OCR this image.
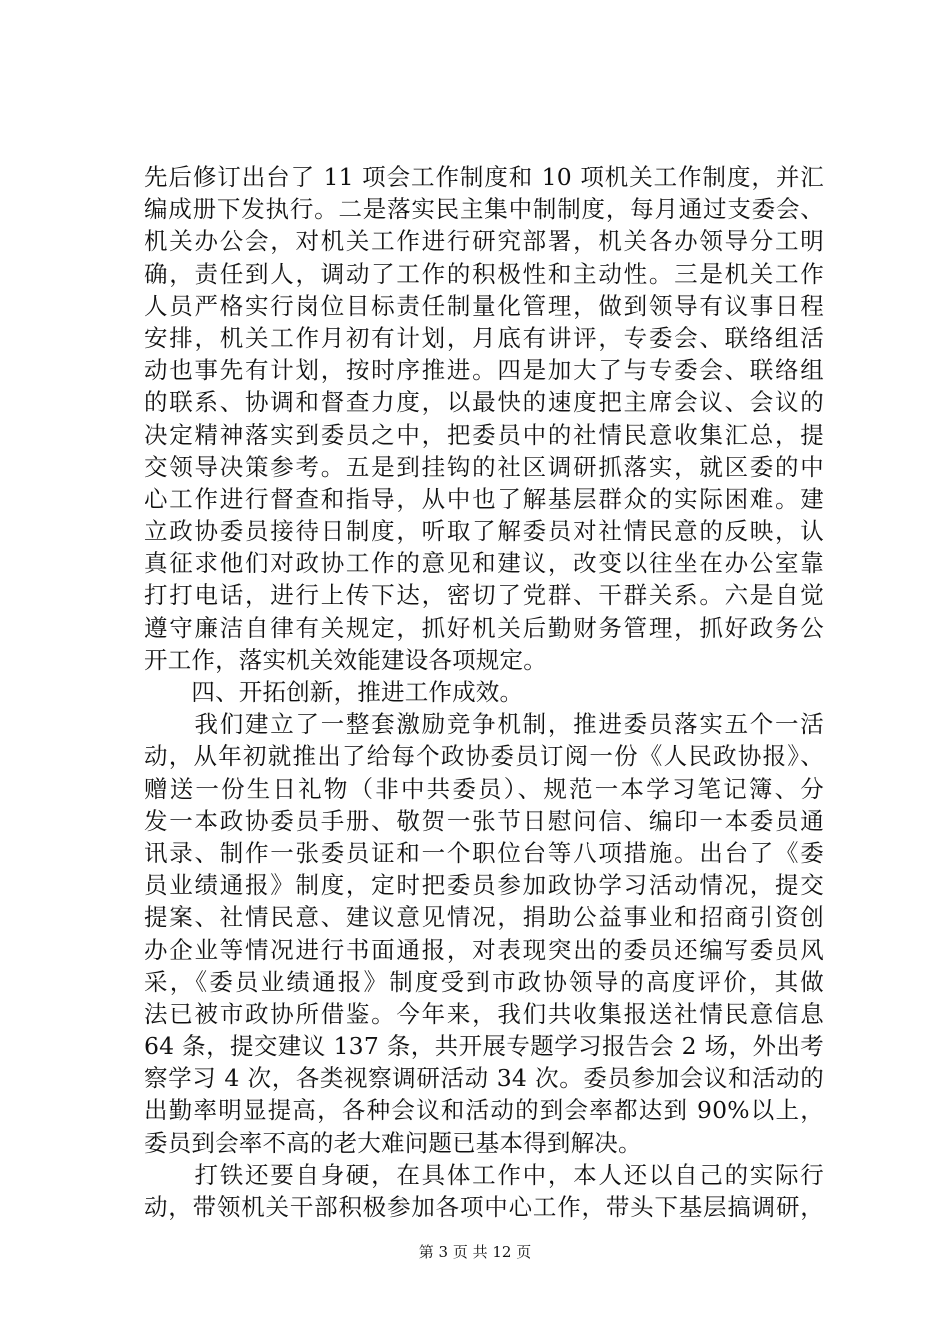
先后修订出台了 11 项会工作制度和 10 项机关工作制度，并汇
编成册下发执行。二是落实民主集中制制度，每月通过支委会、
机关办公会，对机关工作进行研究部署，机关各办领导分工明
确，责任到人，调动了工作的积极性和主动性。三是机关工作
人员严格实行岗位目标责任制量化管理，做到领导有议事日程
安排，机关工作月初有计划，月底有讲评，专委会、联络组活
动也事先有计划，按时序推进。四是加大了与专委会、联络组
的联系、协调和督查力度，以最快的速度把主席会议、会议的
决定精神落实到委员之中，把委员中的社情民意收集汇总，提
交领导决策参考。五是到挂钩的社区调研抓落实，就区委的中
心工作进行督查和指导，从中也了解基层群众的实际困难。建
立政协委员接待日制度，听取了解委员对社情民意的反映，认
真征求他们对政协工作的意见和建议，改变以往坐在办公室靠
打打电话，进行上传下达，密切了党群、干群关系。六是自觉
遵守廉洁自律有关规定，抓好机关后勤财务管理，抓好政务公
开工作，落实机关效能建设各项规定。
　　四、开拓创新，推进工作成效。
　　我们建立了一整套激励竞争机制，推进委员落实五个一活
动，从年初就推出了给每个政协委员订阅一份《人民政协报》、
赠送一份生日礼物（非中共委员）、规范一本学习笔记簿、分
发一本政协委员手册、敬贺一张节日慰问信、编印一本委员通
讯录、制作一张委员证和一个职位台等八项措施。出台了《委
员业绩通报》制度，定时把委员参加政协学习活动情况，提交
提案、社情民意、建议意见情况，捐助公益事业和招商引资创
办企业等情况进行书面通报，对表现突出的委员还编写委员风
采，《委员业绩通报》制度受到市政协领导的高度评价，其做
法已被市政协所借鉴。今年来，我们共收集报送社情民意信息
64 条，提交建议 137 条，共开展专题学习报告会 2 场，外出考
察学习 4 次，各类视察调研活动 34 次。委员参加会议和活动的
出勤率明显提高，各种会议和活动的到会率都达到 90%以上，
委员到会率不高的老大难问题已基本得到解决。
　　打铁还要自身硬，在具体工作中，本人还以自己的实际行
动，带领机关干部积极参加各项中心工作，带头下基层搞调研，
第 3 页 共 12 页
